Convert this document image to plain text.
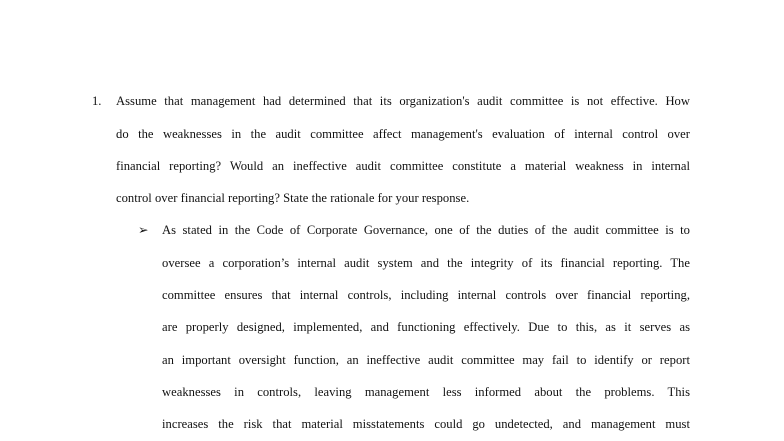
1. Assume that management had determined that its organization's audit committee is not effective. How
do the weaknesses in the audit committee affect management's evaluation of internal control over
financial reporting? Would an ineffective audit committee constitute a material weakness in internal
control over financial reporting? State the rationale for your response.
➢ As stated in the Code of Corporate Governance, one of the duties of the audit committee is to
oversee a corporation’s internal audit system and the integrity of its financial reporting. The
committee ensures that internal controls, including internal controls over financial reporting,
are properly designed, implemented, and functioning effectively. Due to this, as it serves as
an important oversight function, an ineffective audit committee may fail to identify or report
weaknesses in controls, leaving management less informed about the problems. This
increases the risk that material misstatements could go undetected, and management must
